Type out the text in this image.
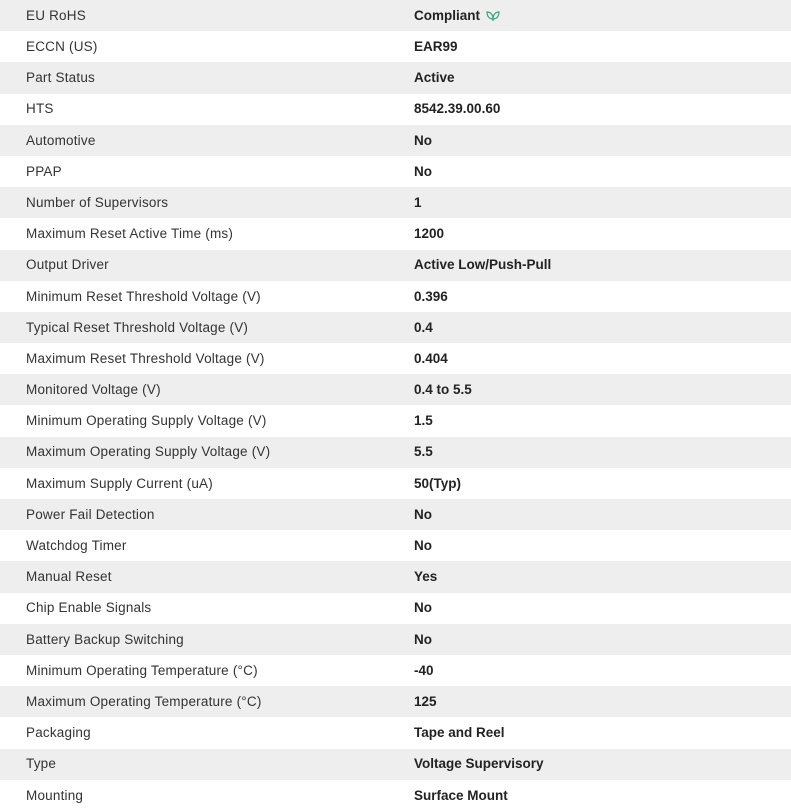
EU RoHS	Compliant
ECCN (US)	EAR99
Part Status	Active
HTS	8542.39.00.60
Automotive	No
PPAP	No
Number of Supervisors	1
Maximum Reset Active Time (ms)	1200
Output Driver	Active Low/Push-Pull
Minimum Reset Threshold Voltage (V)	0.396
Typical Reset Threshold Voltage (V)	0.4
Maximum Reset Threshold Voltage (V)	0.404
Monitored Voltage (V)	0.4 to 5.5
Minimum Operating Supply Voltage (V)	1.5
Maximum Operating Supply Voltage (V)	5.5
Maximum Supply Current (uA)	50(Typ)
Power Fail Detection	No
Watchdog Timer	No
Manual Reset	Yes
Chip Enable Signals	No
Battery Backup Switching	No
Minimum Operating Temperature (°C)	-40
Maximum Operating Temperature (°C)	125
Packaging	Tape and Reel
Type	Voltage Supervisory
Mounting	Surface Mount
